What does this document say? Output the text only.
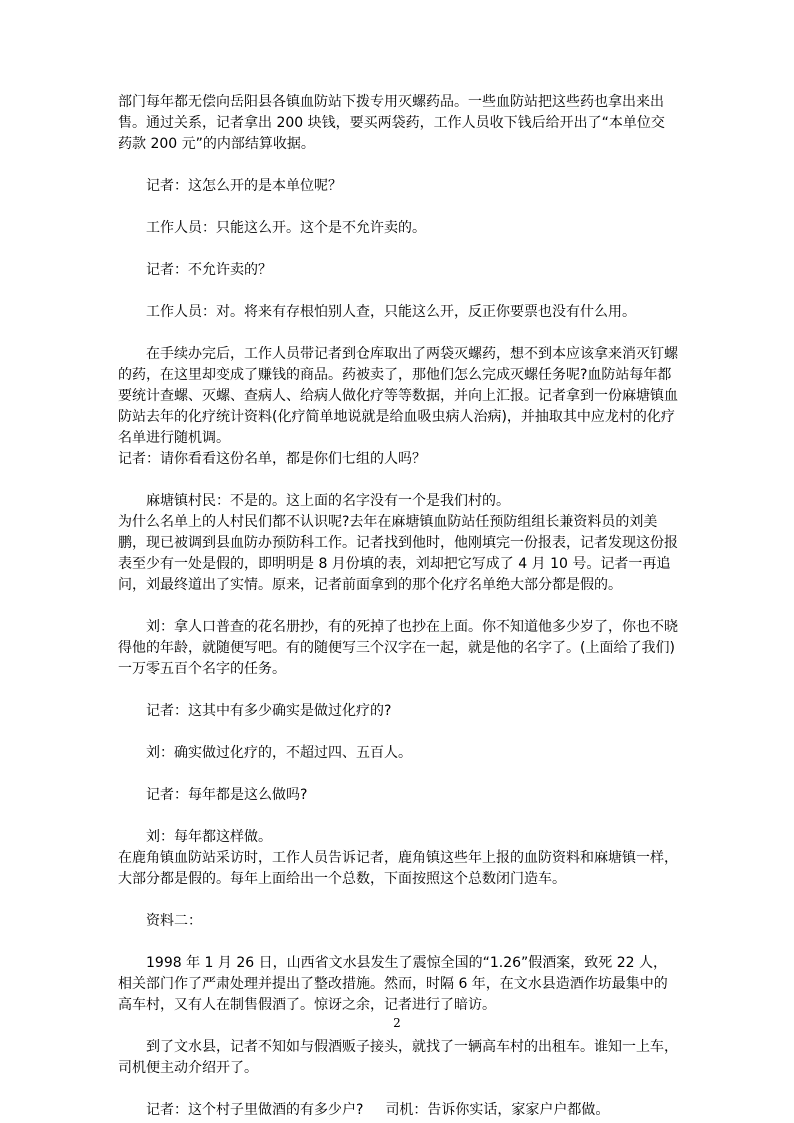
部门每年都无偿向岳阳县各镇血防站下拨专用灭螺药品。一些血防站把这些药也拿出来出售。通过关系，记者拿出 200 块钱，要买两袋药，工作人员收下钱后给开出了“本单位交药款 200 元”的内部结算收据。

记者：这怎么开的是本单位呢？

工作人员：只能这么开。这个是不允许卖的。

记者：不允许卖的？

工作人员：对。将来有存根怕别人查，只能这么开，反正你要票也没有什么用。

在手续办完后，工作人员带记者到仓库取出了两袋灭螺药，想不到本应该拿来消灭钉螺的药，在这里却变成了赚钱的商品。药被卖了，那他们怎么完成灭螺任务呢?血防站每年都要统计查螺、灭螺、查病人、给病人做化疗等等数据，并向上汇报。记者拿到一份麻塘镇血防站去年的化疗统计资料(化疗简单地说就是给血吸虫病人治病)，并抽取其中应龙村的化疗名单进行随机调。

记者：请你看看这份名单，都是你们七组的人吗？

麻塘镇村民：不是的。这上面的名字没有一个是我们村的。

为什么名单上的人村民们都不认识呢?去年在麻塘镇血防站任预防组组长兼资料员的刘美鹏，现已被调到县血防办预防科工作。记者找到他时，他刚填完一份报表，记者发现这份报表至少有一处是假的，即明明是 8 月份填的表，刘却把它写成了 4 月 10 号。记者一再追问，刘最终道出了实情。原来，记者前面拿到的那个化疗名单绝大部分都是假的。

刘：拿人口普查的花名册抄，有的死掉了也抄在上面。你不知道他多少岁了，你也不晓得他的年龄，就随便写吧。有的随便写三个汉字在一起，就是他的名字了。(上面给了我们)一万零五百个名字的任务。

记者：这其中有多少确实是做过化疗的?

刘：确实做过化疗的，不超过四、五百人。

记者：每年都是这么做吗?

刘：每年都这样做。

在鹿角镇血防站采访时，工作人员告诉记者，鹿角镇这些年上报的血防资料和麻塘镇一样，大部分都是假的。每年上面给出一个总数，下面按照这个总数闭门造车。

资料二：

1998 年 1 月 26 日，山西省文水县发生了震惊全国的“1.26”假酒案，致死 22 人，相关部门作了严肃处理并提出了整改措施。然而，时隔 6 年，在文水县造酒作坊最集中的高车村，又有人在制售假酒了。惊讶之余，记者进行了暗访。

到了文水县，记者不知如与假酒贩子接头，就找了一辆高车村的出租车。谁知一上车，司机便主动介绍开了。

记者：这个村子里做酒的有多少户? 司机：告诉你实话，家家户户都做。

2
